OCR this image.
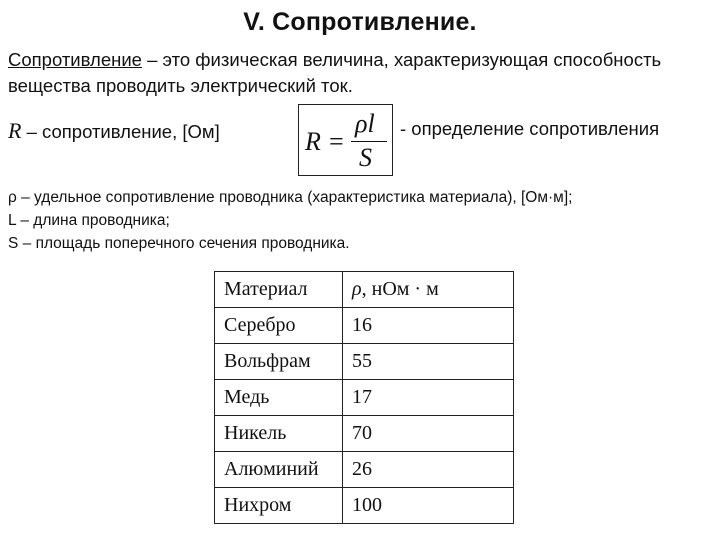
V. Сопротивление.
Сопротивление – это физическая величина, характеризующая способность вещества проводить электрический ток.
R – сопротивление, [Ом]	R =
ρl
S
- определение сопротивления
ρ – удельное сопротивление проводника (характеристика материала), [Ом·м];
L – длина проводника;
S – площадь поперечного сечения проводника.
Материал	ρ, нОм · м
Серебро	16
Вольфрам	55
Медь	17
Никель	70
Алюминий	26
Нихром	100
